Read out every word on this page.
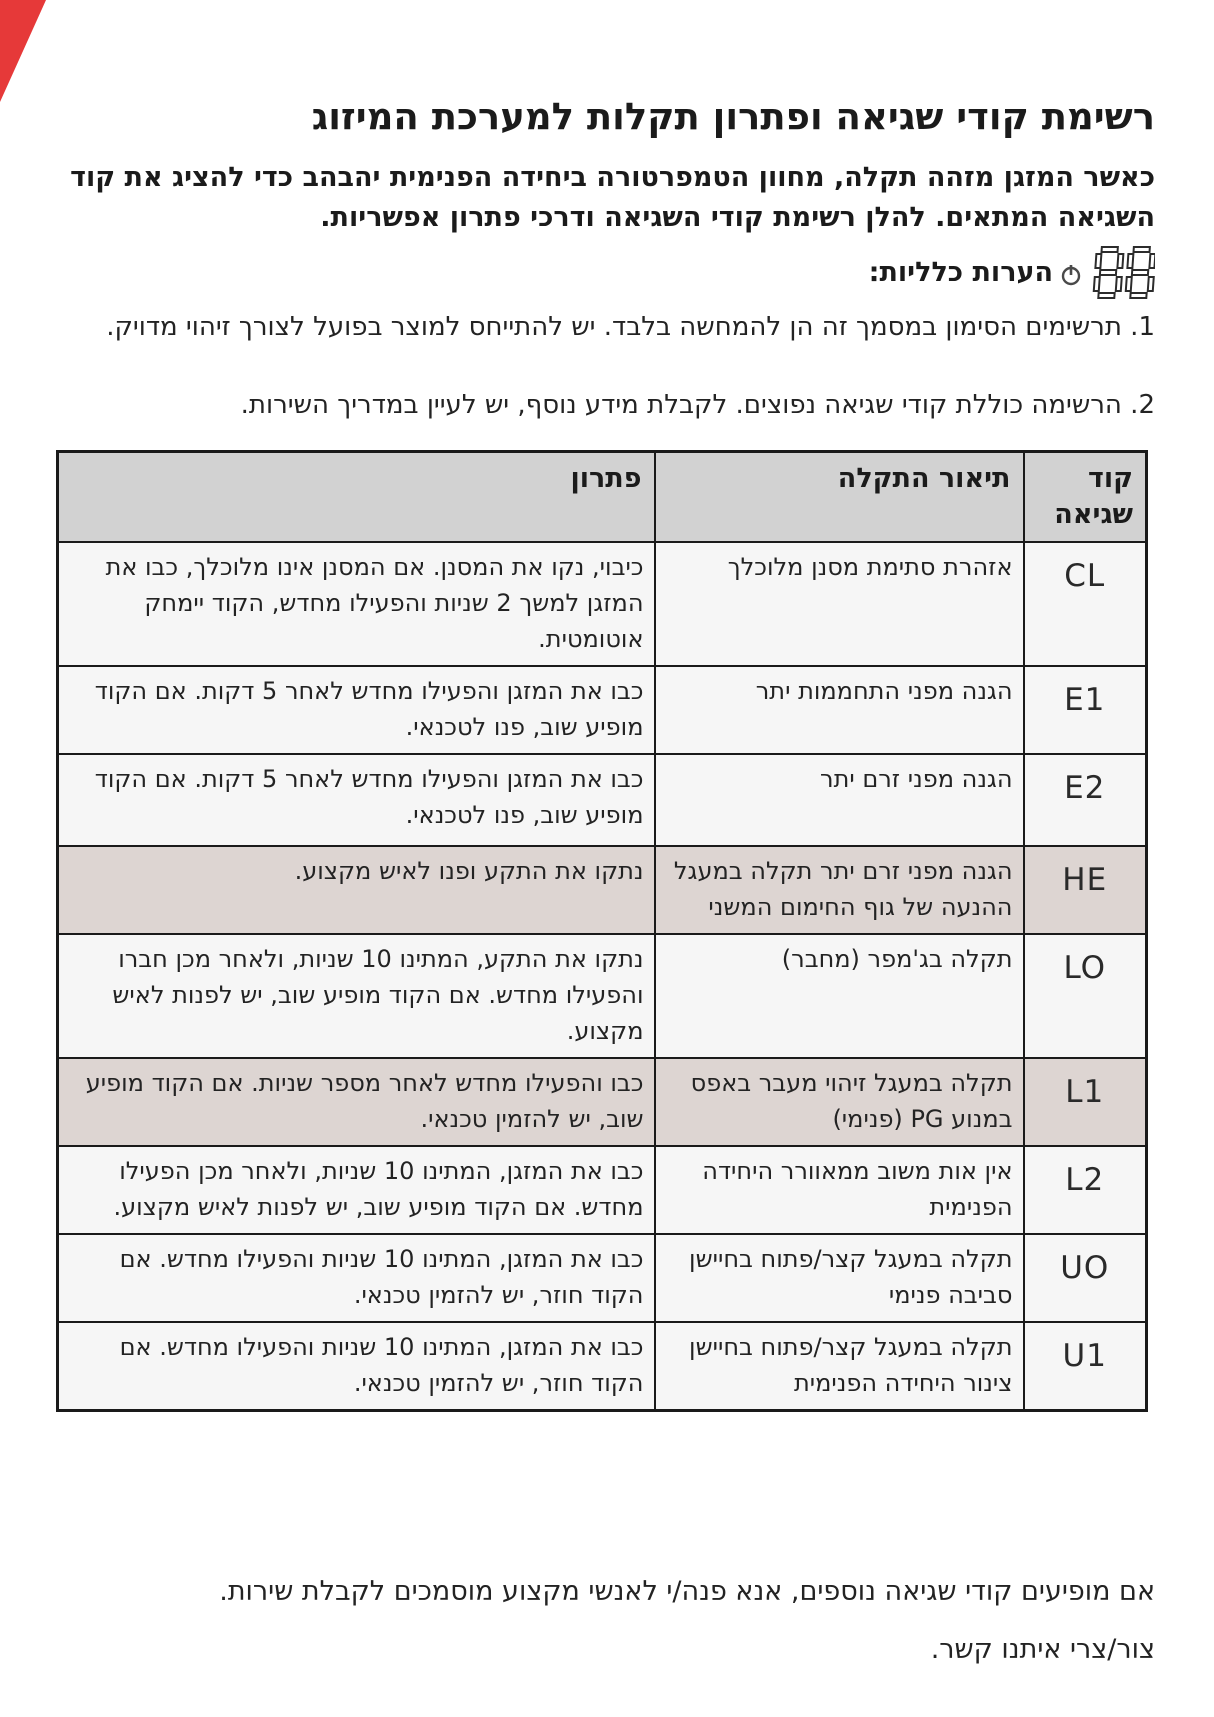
רשימת קודי שגיאה ופתרון תקלות למערכת המיזוג

כאשר המזגן מזהה תקלה, מחוון הטמפרטורה ביחידה הפנימית יהבהב כדי להציג את קוד השגיאה המתאים. להלן רשימת קודי השגיאה ודרכי פתרון אפשריות.

הערות כלליות:

1. תרשימים הסימון במסמך זה הן להמחשה בלבד. יש להתייחס למוצר בפועל לצורך זיהוי מדויק.

2. הרשימה כוללת קודי שגיאה נפוצים. לקבלת מידע נוסף, יש לעיין במדריך השירות.

קוד שגיאה	תיאור התקלה	פתרון
CL	אזהרת סתימת מסנן מלוכלך	כיבוי, נקו את המסנן. אם המסנן אינו מלוכלך, כבו את המזגן למשך 2 שניות והפעילו מחדש, הקוד יימחק אוטומטית.
E1	הגנה מפני התחממות יתר	כבו את המזגן והפעילו מחדש לאחר 5 דקות. אם הקוד מופיע שוב, פנו לטכנאי.
E2	הגנה מפני זרם יתר	כבו את המזגן והפעילו מחדש לאחר 5 דקות. אם הקוד מופיע שוב, פנו לטכנאי.
HE	הגנה מפני זרם יתר תקלה במעגל ההנעה של גוף החימום המשני	נתקו את התקע ופנו לאיש מקצוע.
LO	תקלה בג'מפר (מחבר)	נתקו את התקע, המתינו 10 שניות, ולאחר מכן חברו והפעילו מחדש. אם הקוד מופיע שוב, יש לפנות לאיש מקצוע.
L1	תקלה במעגל זיהוי מעבר באפס במנוע PG (פנימי)	כבו והפעילו מחדש לאחר מספר שניות. אם הקוד מופיע שוב, יש להזמין טכנאי.
L2	אין אות משוב ממאוורר היחידה הפנימית	כבו את המזגן, המתינו 10 שניות, ולאחר מכן הפעילו מחדש. אם הקוד מופיע שוב, יש לפנות לאיש מקצוע.
UO	תקלה במעגל קצר/פתוח בחיישן סביבה פנימי	כבו את המזגן, המתינו 10 שניות והפעילו מחדש. אם הקוד חוזר, יש להזמין טכנאי.
U1	תקלה במעגל קצר/פתוח בחיישן צינור היחידה הפנימית	כבו את המזגן, המתינו 10 שניות והפעילו מחדש. אם הקוד חוזר, יש להזמין טכנאי.

אם מופיעים קודי שגיאה נוספים, אנא פנה/י לאנשי מקצוע מוסמכים לקבלת שירות.

צור/צרי איתנו קשר.
